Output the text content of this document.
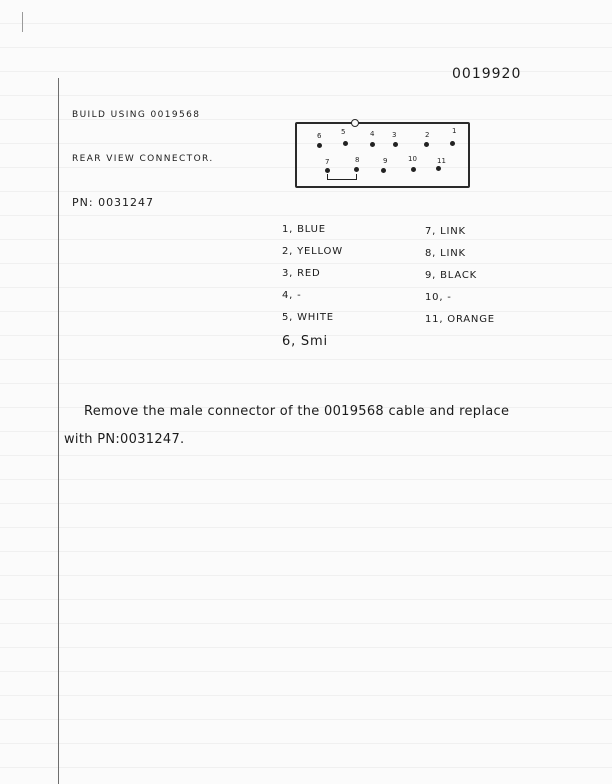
0019920
BUILD USING 0019568
REAR VIEW CONNECTOR.
PN: 0031247
6	5	4	3	2	1
7	8	9	10	11
1, BLUE
2, YELLOW
3, RED
4, -
5, WHITE
6, Smi
7, LINK
8, LINK
9, BLACK
10, -
11, ORANGE
Remove the male connector of the 0019568 cable and replace
with PN:0031247.
